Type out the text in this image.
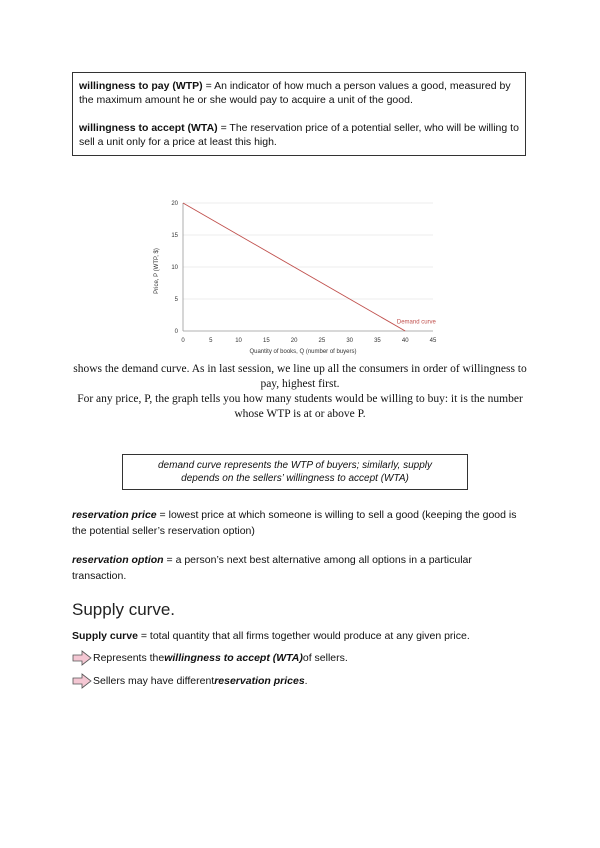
willingness to pay (WTP) = An indicator of how much a person values a good, measured by the maximum amount he or she would pay to acquire a unit of the good.

willingness to accept (WTA) = The reservation price of a potential seller, who will be willing to sell a unit only for a price at least this high.

0
5
10
15
20
0	5	10	15	20	25	30	35	40	45
Price, P (WTP, $)
Quantity of books, Q (number of buyers)
Demand curve

shows the demand curve. As in last session, we line up all the consumers in order of willingness to pay, highest first.

For any price, P, the graph tells you how many students would be willing to buy: it is the number whose WTP is at or above P.

demand curve represents the WTP of buyers; similarly, supply depends on the sellers’ willingness to accept (WTA)

reservation price = lowest price at which someone is willing to sell a good (keeping the good is the potential seller’s reservation option)

reservation option = a person’s next best alternative among all options in a particular transaction.

Supply curve.

Supply curve = total quantity that all firms together would produce at any given price.

Represents the willingness to accept (WTA) of sellers.
Sellers may have different reservation prices .
